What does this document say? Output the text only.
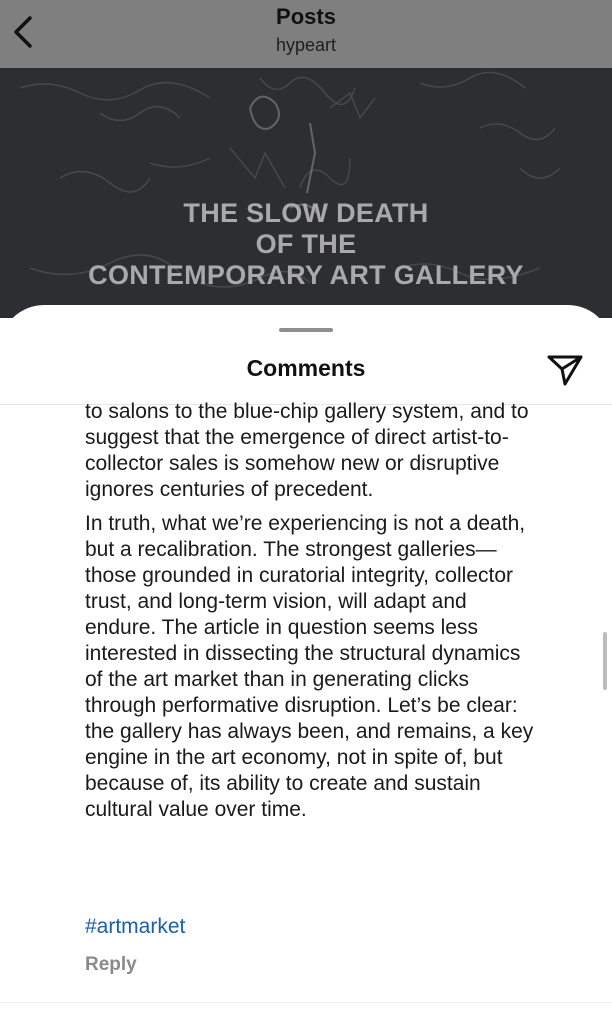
Posts
hypeart
THE SLOW DEATH
OF THE
CONTEMPORARY ART GALLERY
Comments

to salons to the blue-chip gallery system, and to suggest that the emergence of direct artist-to-collector sales is somehow new or disruptive ignores centuries of precedent.

In truth, what we’re experiencing is not a death, but a recalibration. The strongest galleries—those grounded in curatorial integrity, collector trust, and long-term vision, will adapt and endure. The article in question seems less interested in dissecting the structural dynamics of the art market than in generating clicks through performative disruption. Let’s be clear: the gallery has always been, and remains, a key engine in the art economy, not in spite of, but because of, its ability to create and sustain cultural value over time.

#artmarket
Reply
